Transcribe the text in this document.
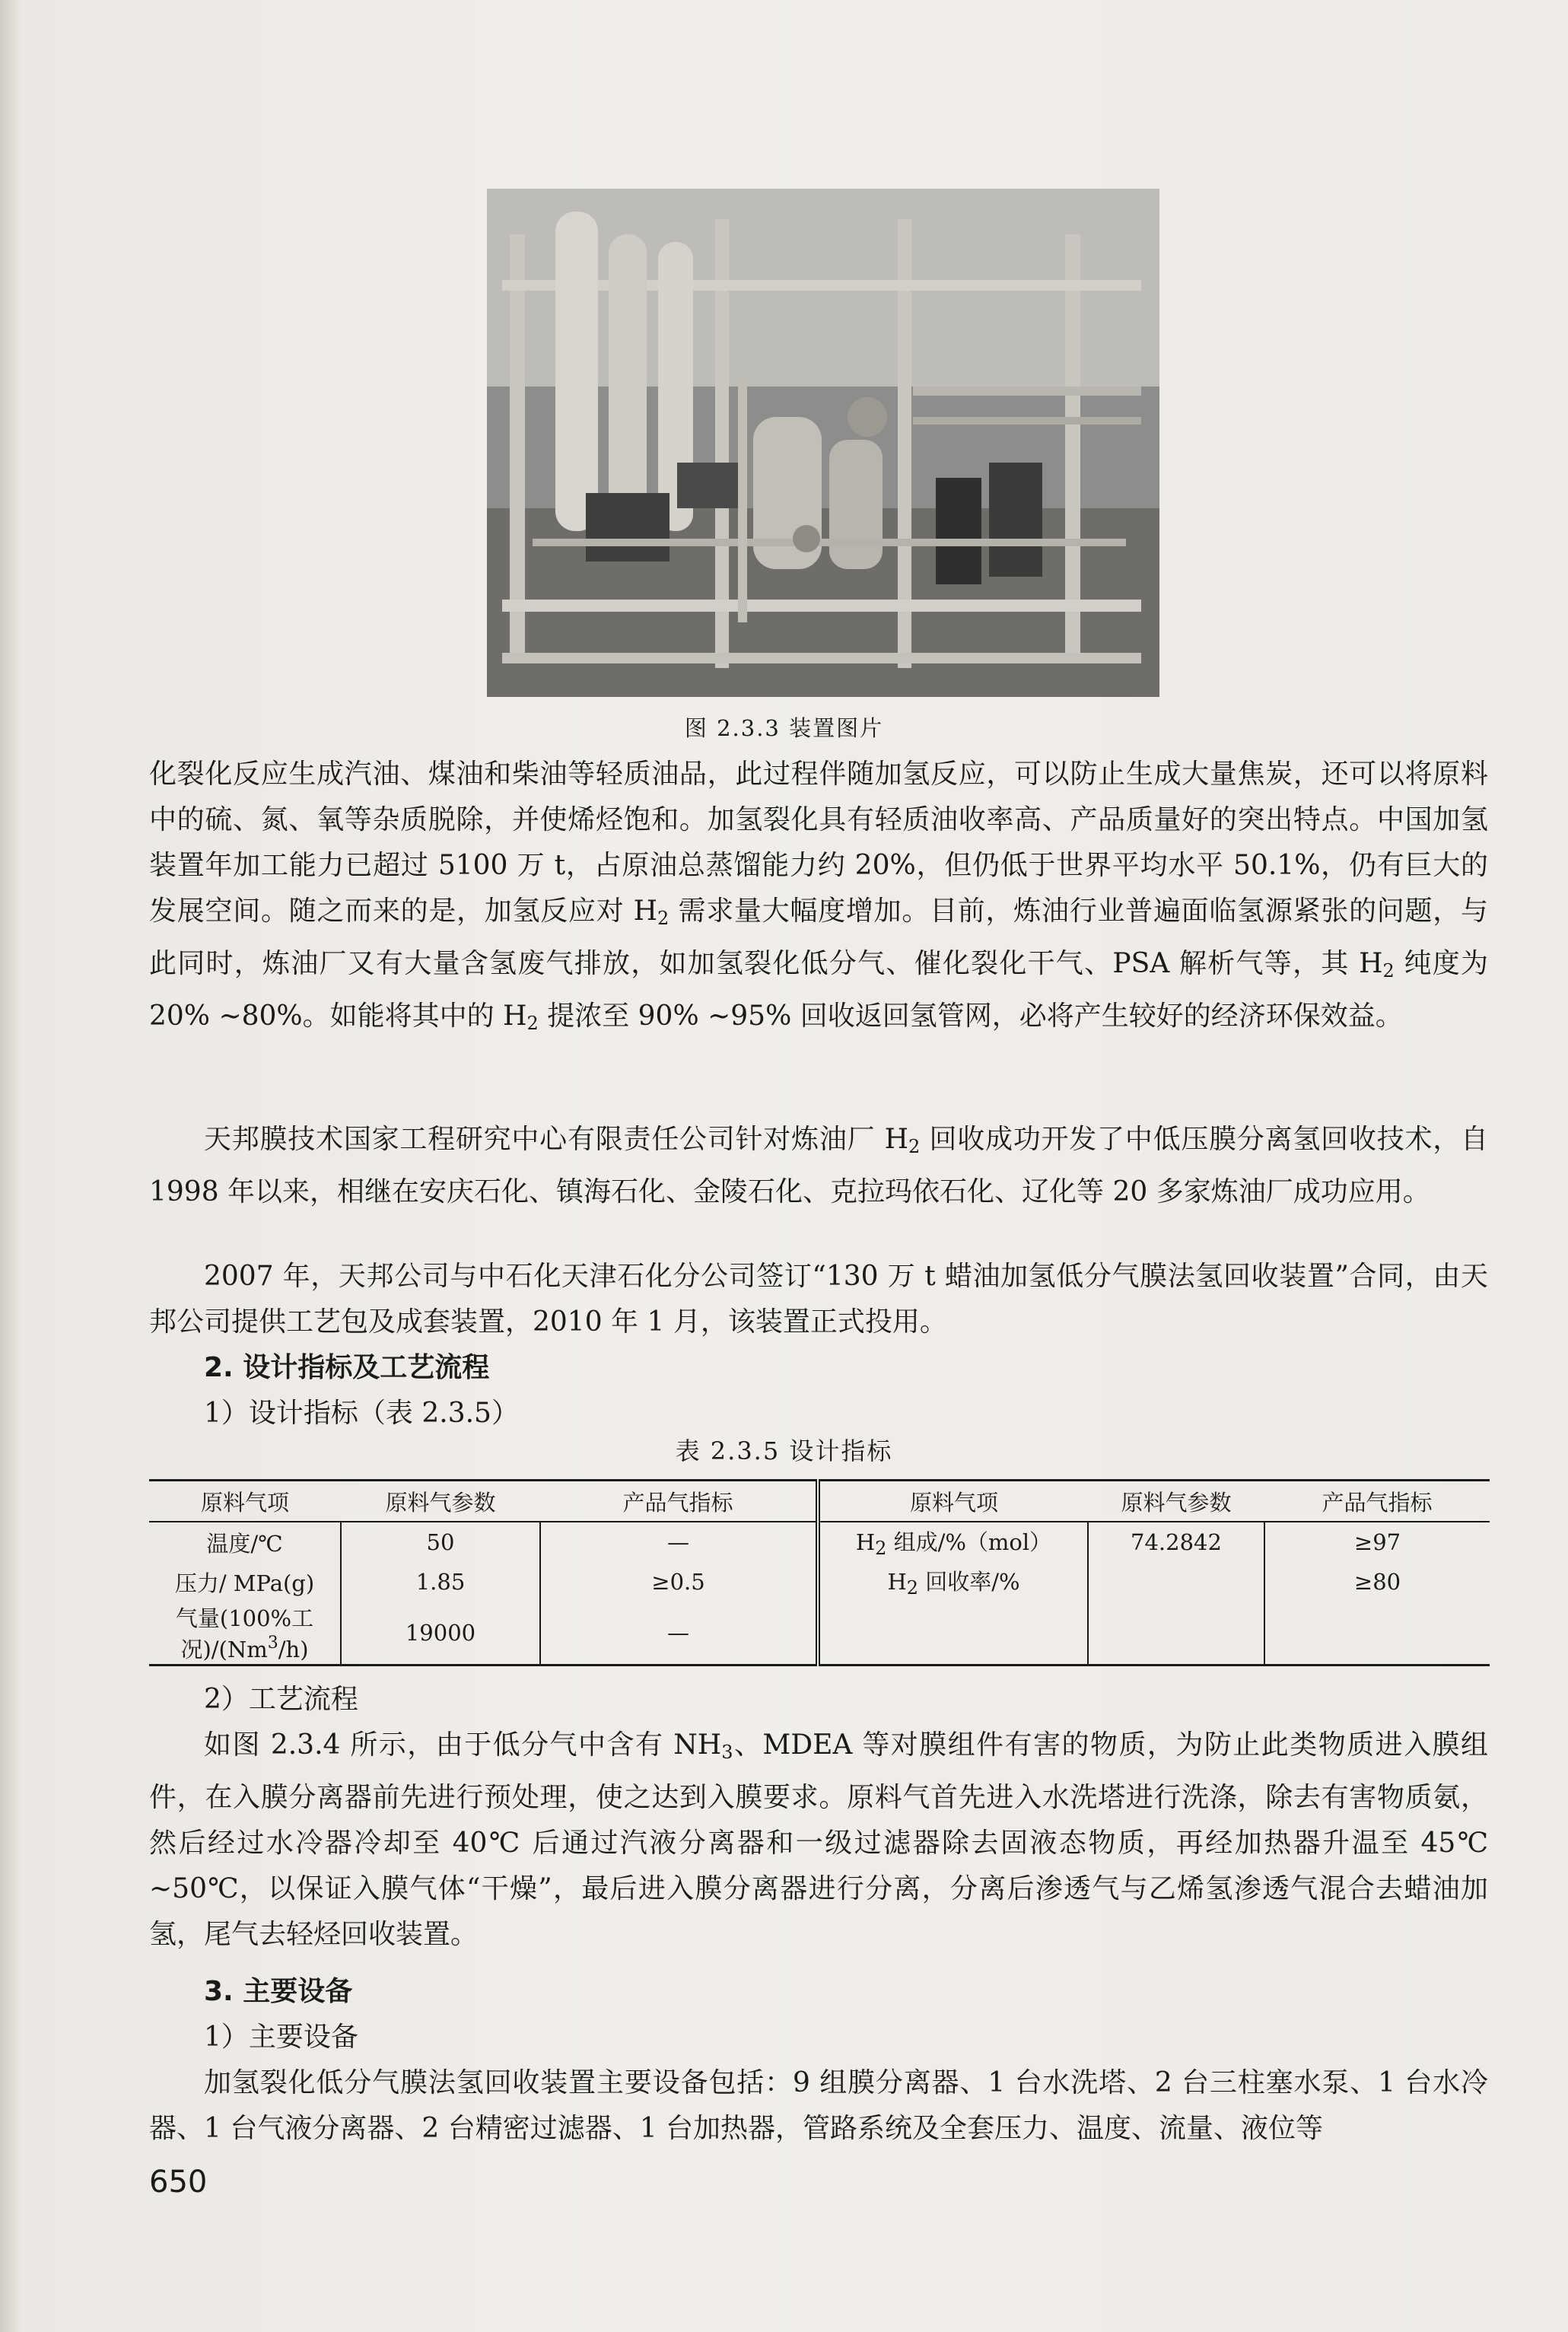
图 2.3.3 装置图片

化裂化反应生成汽油、煤油和柴油等轻质油品，此过程伴随加氢反应，可以防止生成大量焦炭，还可以将原料中的硫、氮、氧等杂质脱除，并使烯烃饱和。加氢裂化具有轻质油收率高、产品质量好的突出特点。中国加氢装置年加工能力已超过 5100 万 t，占原油总蒸馏能力约 20%，但仍低于世界平均水平 50.1%，仍有巨大的发展空间。随之而来的是，加氢反应对 $H_2$ 需求量大幅度增加。目前，炼油行业普遍面临氢源紧张的问题，与此同时，炼油厂又有大量含氢废气排放，如加氢裂化低分气、催化裂化干气、PSA 解析气等，其 $H_2$ 纯度为 20% ~80%。如能将其中的 $H_2$ 提浓至 90% ~95% 回收返回氢管网，必将产生较好的经济环保效益。

天邦膜技术国家工程研究中心有限责任公司针对炼油厂 $H_2$ 回收成功开发了中低压膜分离氢回收技术，自 1998 年以来，相继在安庆石化、镇海石化、金陵石化、克拉玛依石化、辽化等 20 多家炼油厂成功应用。

2007 年，天邦公司与中石化天津石化分公司签订“130 万 t 蜡油加氢低分气膜法氢回收装置”合同，由天邦公司提供工艺包及成套装置，2010 年 1 月，该装置正式投用。

2. 设计指标及工艺流程

1）设计指标（表 2.3.5）

表 2.3.5 设计指标
原料气项	原料气参数	产品气指标	原料气项	原料气参数	产品气指标
温度/℃	50	—	$H_2$ 组成/%（mol）	74.2842	≥97
压力/ MPa(g)	1.85	≥0.5	$H_2$ 回收率/%		≥80
气量(100%工况)/(Nm$^3$/h)	19000	—			

2）工艺流程

如图 2.3.4 所示，由于低分气中含有 $NH_3$、MDEA 等对膜组件有害的物质，为防止此类物质进入膜组件，在入膜分离器前先进行预处理，使之达到入膜要求。原料气首先进入水洗塔进行洗涤，除去有害物质氨，然后经过水冷器冷却至 40℃ 后通过汽液分离器和一级过滤器除去固液态物质，再经加热器升温至 45℃ ~50℃，以保证入膜气体“干燥”，最后进入膜分离器进行分离，分离后渗透气与乙烯氢渗透气混合去蜡油加氢，尾气去轻烃回收装置。

3. 主要设备

1）主要设备

加氢裂化低分气膜法氢回收装置主要设备包括：9 组膜分离器、1 台水洗塔、2 台三柱塞水泵、1 台水冷器、1 台气液分离器、2 台精密过滤器、1 台加热器，管路系统及全套压力、温度、流量、液位等

650
